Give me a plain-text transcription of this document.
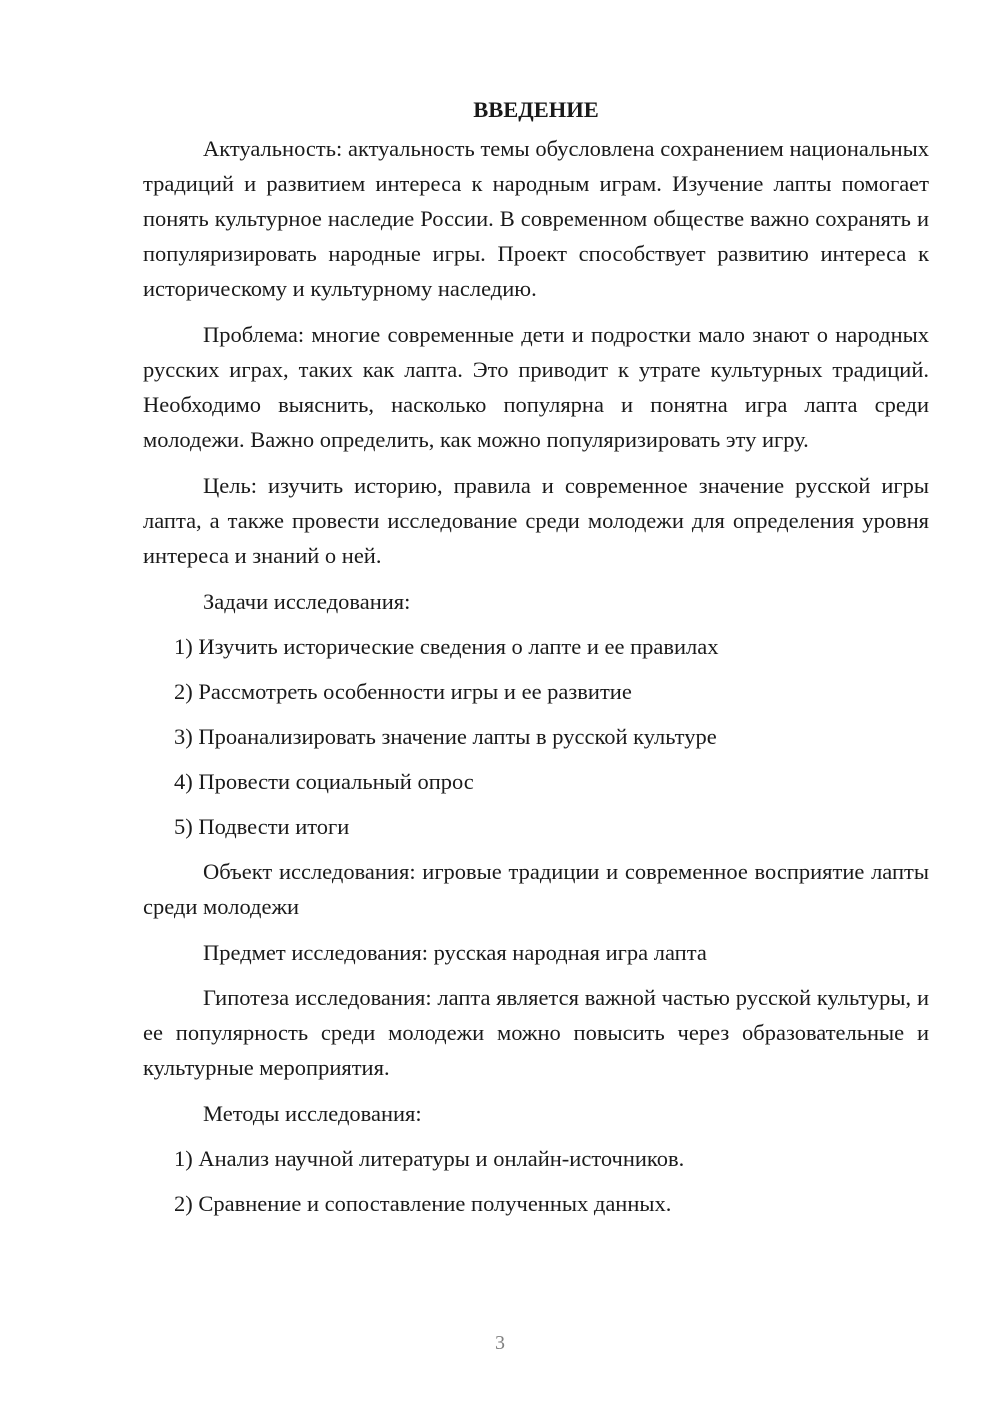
ВВЕДЕНИЕ

Актуальность: актуальность темы обусловлена сохранением национальных традиций и развитием интереса к народным играм. Изучение лапты помогает понять культурное наследие России. В современном обществе важно сохранять и популяризировать народные игры. Проект способствует развитию интереса к историческому и культурному наследию.

Проблема: многие современные дети и подростки мало знают о народных русских играх, таких как лапта. Это приводит к утрате культурных традиций. Необходимо выяснить, насколько популярна и понятна игра лапта среди молодежи. Важно определить, как можно популяризировать эту игру.

Цель: изучить историю, правила и современное значение русской игры лапта, а также провести исследование среди молодежи для определения уровня интереса и знаний о ней.

Задачи исследования:

1) Изучить исторические сведения о лапте и ее правилах

2) Рассмотреть особенности игры и ее развитие

3) Проанализировать значение лапты в русской культуре

4) Провести социальный опрос

5) Подвести итоги

Объект исследования: игровые традиции и современное восприятие лапты среди молодежи

Предмет исследования: русская народная игра лапта

Гипотеза исследования: лапта является важной частью русской культуры, и ее популярность среди молодежи можно повысить через образовательные и культурные мероприятия.

Методы исследования:

1) Анализ научной литературы и онлайн-источников.

2) Сравнение и сопоставление полученных данных.

3
